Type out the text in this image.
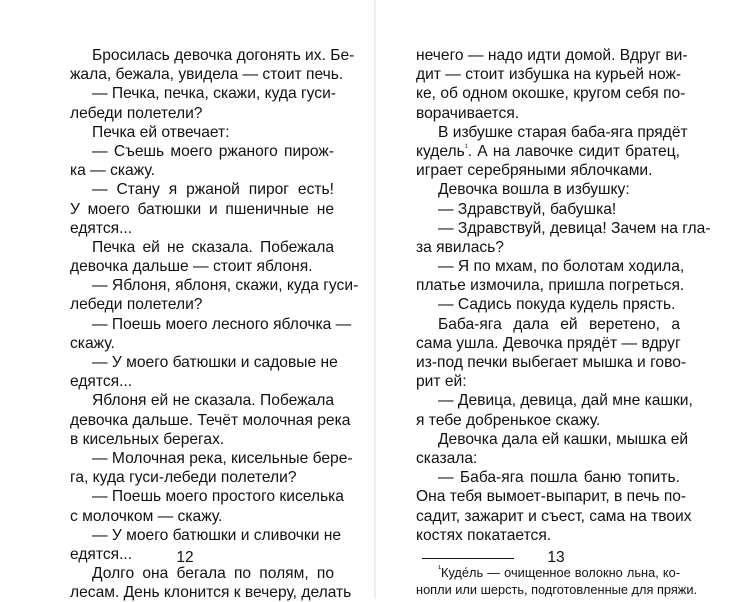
Бросилась девочка догонять их. Бе-
жала, бежала, увидела — стоит печь.
— Печка, печка, скажи, куда гуси-
лебеди полетели?
Печка ей отвечает:
— Съешь моего ржаного пирож-
ка — скажу.
— Стану я ржаной пирог есть!
У моего батюшки и пшеничные не
едятся...
Печка ей не сказала. Побежала
девочка дальше — стоит яблоня.
— Яблоня, яблоня, скажи, куда гуси-
лебеди полетели?
— Поешь моего лесного яблочка —
скажу.
— У моего батюшки и садовые не
едятся...
Яблоня ей не сказала. Побежала
девочка дальше. Течёт молочная река
в кисельных берегах.
— Молочная река, кисельные бере-
га, куда гуси-лебеди полетели?
— Поешь моего простого киселька
с молочком — скажу.
— У моего батюшки и сливочки не
едятся...
Долго она бегала по полям, по
лесам. День клонится к вечеру, делать
12
нечего — надо идти домой. Вдруг ви-
дит — стоит избушка на курьей нож-
ке, об одном окошке, кругом себя по-
ворачивается.
В избушке старая баба-яга прядёт
кудель$^{^1}$. А на лавочке сидит братец,
играет серебряными яблочками.
Девочка вошла в избушку:
— Здравствуй, бабушка!
— Здравствуй, девица! Зачем на гла-
за явилась?
— Я по мхам, по болотам ходила,
платье измочила, пришла погреться.
— Садись покуда кудель прясть.
Баба-яга дала ей веретено, а
сама ушла. Девочка прядёт — вдруг
из-под печки выбегает мышка и гово-
рит ей:
— Девица, девица, дай мне кашки,
я тебе добренькое скажу.
Девочка дала ей кашки, мышка ей
сказала:
— Баба-яга пошла баню топить.
Она тебя вымоет-выпарит, в печь по-
садит, зажарит и съест, сама на твоих
костях покатается.
$^{^1}$Куде́ль — очищенное волокно льна, ко-
нопли или шерсть, подготовленные для пряжи.
13
